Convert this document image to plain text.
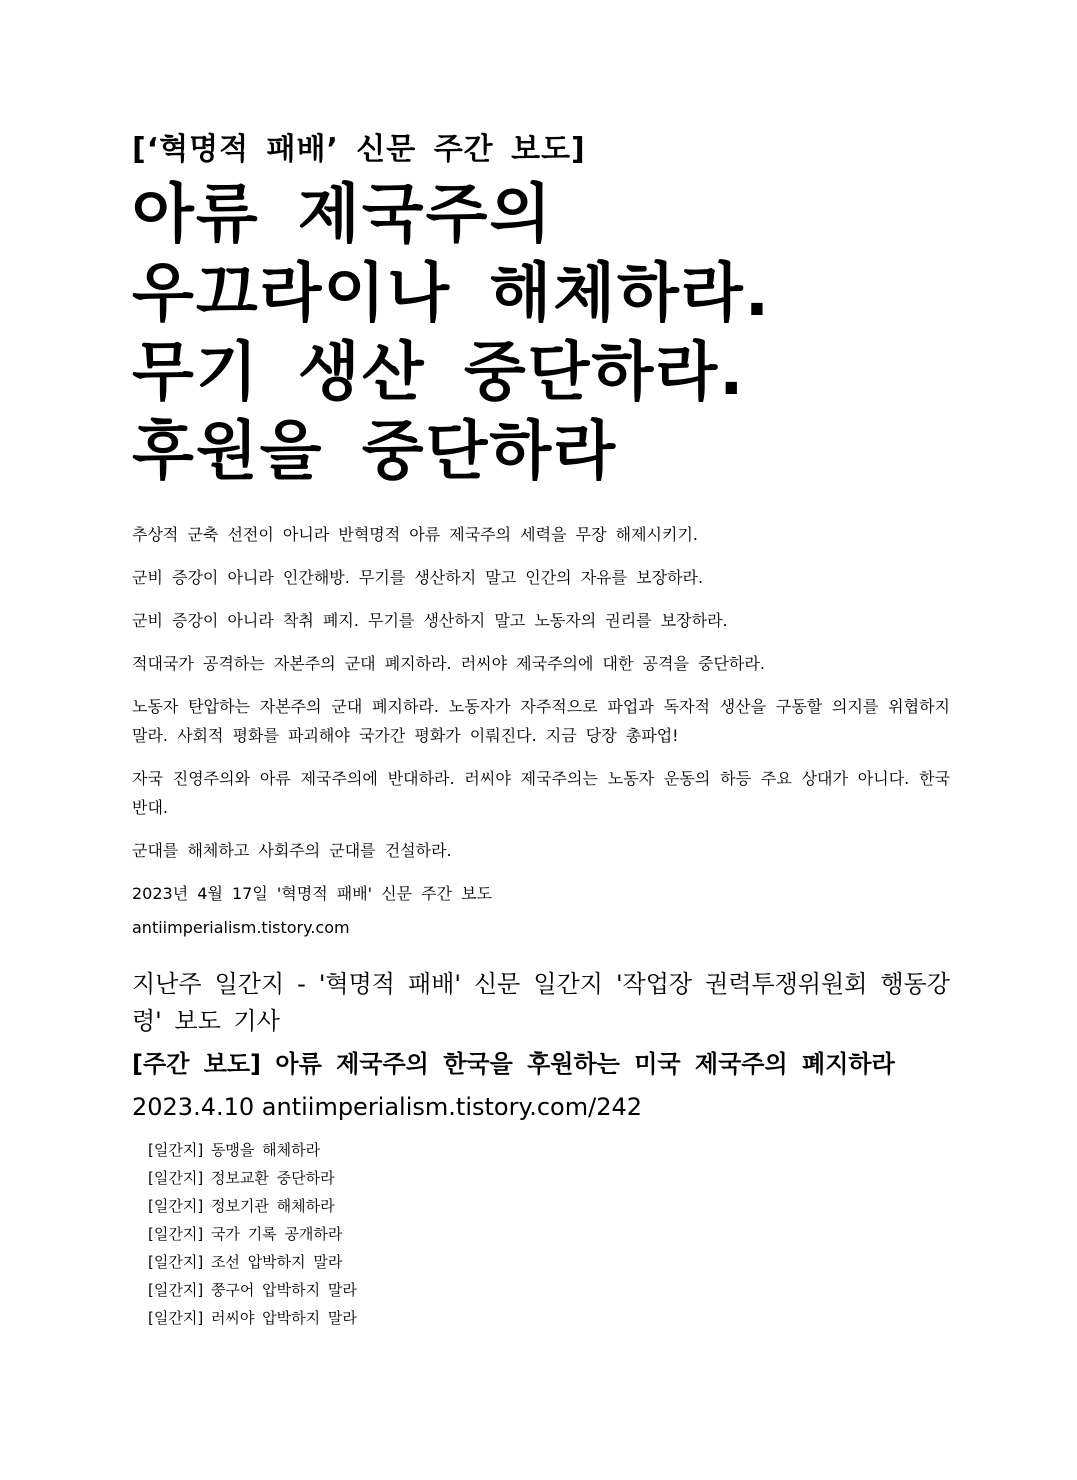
[‘혁명적 패배’ 신문 주간 보도]
아류 제국주의
우끄라이나 해체하라.
무기 생산 중단하라.
후원을 중단하라

추상적 군축 선전이 아니라 반혁명적 아류 제국주의 세력을 무장 해제시키기.

군비 증강이 아니라 인간해방. 무기를 생산하지 말고 인간의 자유를 보장하라.

군비 증강이 아니라 착취 폐지. 무기를 생산하지 말고 노동자의 권리를 보장하라.

적대국가 공격하는 자본주의 군대 폐지하라. 러씨야 제국주의에 대한 공격을 중단하라.

노동자 탄압하는 자본주의 군대 폐지하라. 노동자가 자주적으로 파업과 독자적 생산을 구동할 의지를 위협하지 말라. 사회적 평화를 파괴해야 국가간 평화가 이뤄진다. 지금 당장 총파업!

자국 진영주의와 아류 제국주의에 반대하라. 러씨야 제국주의는 노동자 운동의 하등 주요 상대가 아니다. 한국 반대.

군대를 해체하고 사회주의 군대를 건설하라.

2023년 4월 17일 '혁명적 패배' 신문 주간 보도

antiimperialism.tistory.com

지난주 일간지 - '혁명적 패배' 신문 일간지 '작업장 권력투쟁위원회 행동강령' 보도 기사

[주간 보도] 아류 제국주의 한국을 후원하는 미국 제국주의 폐지하라

2023.4.10 antiimperialism.tistory.com/242

[일간지] 동맹을 해체하라
[일간지] 정보교환 중단하라
[일간지] 정보기관 해체하라
[일간지] 국가 기록 공개하라
[일간지] 조선 압박하지 말라
[일간지] 쭝구어 압박하지 말라
[일간지] 러씨야 압박하지 말라
